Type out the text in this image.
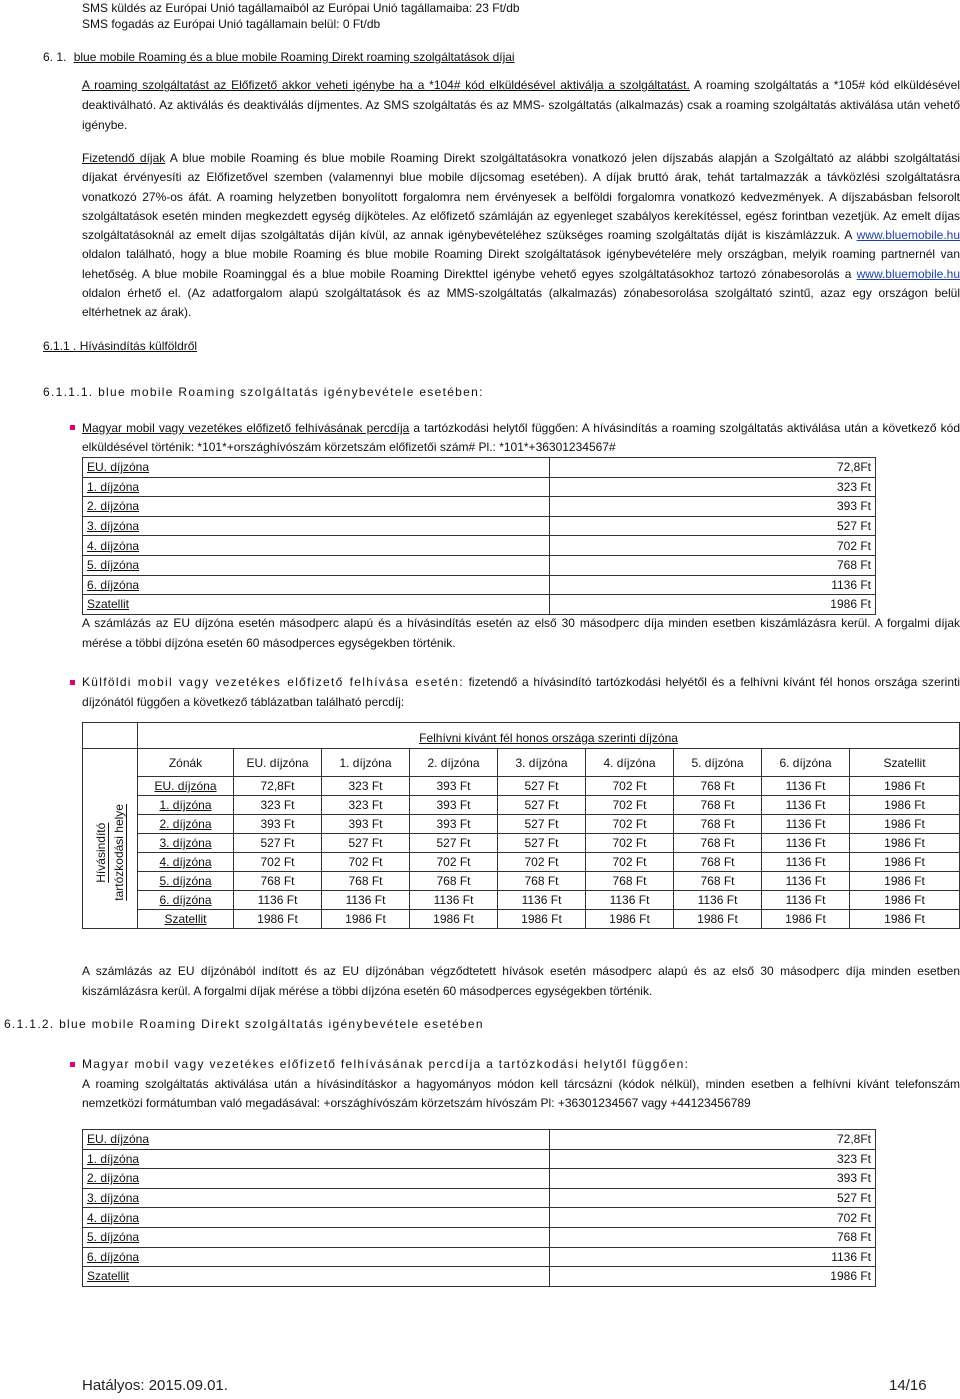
SMS küldés az Európai Unió tagállamaiból az Európai Unió tagállamaiba: 23 Ft/db
SMS fogadás az Európai Unió tagállamain belül: 0 Ft/db
6. 1. blue mobile Roaming és a blue mobile Roaming Direkt roaming szolgáltatások díjai
A roaming szolgáltatást az Előfizető akkor veheti igénybe ha a *104# kód elküldésével aktiválja a szolgáltatást. A roaming szolgáltatás a *105# kód elküldésével deaktiválható. Az aktiválás és deaktiválás díjmentes. Az SMS szolgáltatás és az MMS- szolgáltatás (alkalmazás) csak a roaming szolgáltatás aktiválása után vehető igénybe.
Fizetendő díjak A blue mobile Roaming és blue mobile Roaming Direkt szolgáltatásokra vonatkozó jelen díjszabás alapján a Szolgáltató az alábbi szolgáltatási díjakat érvényesíti az Előfizetővel szemben (valamennyi blue mobile díjcsomag esetében). A díjak bruttó árak, tehát tartalmazzák a távközlési szolgáltatásra vonatkozó 27%-os áfát. A roaming helyzetben bonyolított forgalomra nem érvényesek a belföldi forgalomra vonatkozó kedvezmények. A díjszabásban felsorolt szolgáltatások esetén minden megkezdett egység díjköteles. Az előfizető számláján az egyenleget szabályos kerekítéssel, egész forintban vezetjük. Az emelt díjas szolgáltatásoknál az emelt díjas szolgáltatás díján kívül, az annak igénybevételéhez szükséges roaming szolgáltatás díját is kiszámlázzuk. A www.bluemobile.hu oldalon található, hogy a blue mobile Roaming és blue mobile Roaming Direkt szolgáltatások igénybevételére mely országban, melyik roaming partnernél van lehetőség. A blue mobile Roaminggal és a blue mobile Roaming Direkttel igénybe vehető egyes szolgáltatásokhoz tartozó zónabesorolás a www.bluemobile.hu oldalon érhető el. (Az adatforgalom alapú szolgáltatások és az MMS-szolgáltatás (alkalmazás) zónabesorolása szolgáltató szintű, azaz egy országon belül eltérhetnek az árak).
6.1.1 . Hívásindítás külföldről
6.1.1.1. blue mobile Roaming szolgáltatás igénybevétele esetében:
Magyar mobil vagy vezetékes előfizető felhívásának percdíja a tartózkodási helytől függően: A hívásindítás a roaming szolgáltatás aktiválása után a következő kód elküldésével történik: *101*+országhívószám körzetszám előfizetői szám# Pl.: *101*+36301234567#
EU. díjzóna	72,8Ft
1. díjzóna	323 Ft
2. díjzóna	393 Ft
3. díjzóna	527 Ft
4. díjzóna	702 Ft
5. díjzóna	768 Ft
6. díjzóna	1136 Ft
Szatellit	1986 Ft
A számlázás az EU díjzóna esetén másodperc alapú és a hívásindítás esetén az első 30 másodperc díja minden esetben kiszámlázásra kerül. A forgalmi díjak mérése a többi díjzóna esetén 60 másodperces egységekben történik.
Külföldi mobil vagy vezetékes előfizető felhívása esetén: fizetendő a hívásindító tartózkodási helyétől és a felhívni kívánt fél honos országa szerinti díjzónától függően a következő táblázatban található percdíj:
	Felhívni kívánt fél honos országa szerinti díjzóna								
	Zónák	EU. díjzóna	1. díjzóna	2. díjzóna	3. díjzóna	4. díjzóna	5. díjzóna	6. díjzóna	Szatellit

Hívásindító tartózkodási helye	EU. díjzóna	72,8Ft	323 Ft	393 Ft	527 Ft	702 Ft	768 Ft	1136 Ft	1986 Ft
	1. díjzóna	323 Ft	323 Ft	393 Ft	527 Ft	702 Ft	768 Ft	1136 Ft	1986 Ft
	2. díjzóna	393 Ft	393 Ft	393 Ft	527 Ft	702 Ft	768 Ft	1136 Ft	1986 Ft
	3. díjzóna	527 Ft	527 Ft	527 Ft	527 Ft	702 Ft	768 Ft	1136 Ft	1986 Ft
	4. díjzóna	702 Ft	702 Ft	702 Ft	702 Ft	702 Ft	768 Ft	1136 Ft	1986 Ft
	5. díjzóna	768 Ft	768 Ft	768 Ft	768 Ft	768 Ft	768 Ft	1136 Ft	1986 Ft
	6. díjzóna	1136 Ft	1136 Ft	1136 Ft	1136 Ft	1136 Ft	1136 Ft	1136 Ft	1986 Ft
	Szatellit	1986 Ft	1986 Ft	1986 Ft	1986 Ft	1986 Ft	1986 Ft	1986 Ft	1986 Ft
A számlázás az EU díjzónából indított és az EU díjzónában végződtetett hívások esetén másodperc alapú és az első 30 másodperc díja minden esetben kiszámlázásra kerül. A forgalmi díjak mérése a többi díjzóna esetén 60 másodperces egységekben történik.
6.1.1.2. blue mobile Roaming Direkt szolgáltatás igénybevétele esetében
Magyar mobil vagy vezetékes előfizető felhívásának percdíja a tartózkodási helytől függően:
A roaming szolgáltatás aktiválása után a hívásindításkor a hagyományos módon kell tárcsázni (kódok nélkül), minden esetben a felhívni kívánt telefonszám nemzetközi formátumban való megadásával: +országhívószám körzetszám hívószám Pl: +36301234567 vagy +44123456789
EU. díjzóna	72,8Ft
1. díjzóna	323 Ft
2. díjzóna	393 Ft
3. díjzóna	527 Ft
4. díjzóna	702 Ft
5. díjzóna	768 Ft
6. díjzóna	1136 Ft
Szatellit	1986 Ft
Hatályos: 2015.09.01.	14/16
